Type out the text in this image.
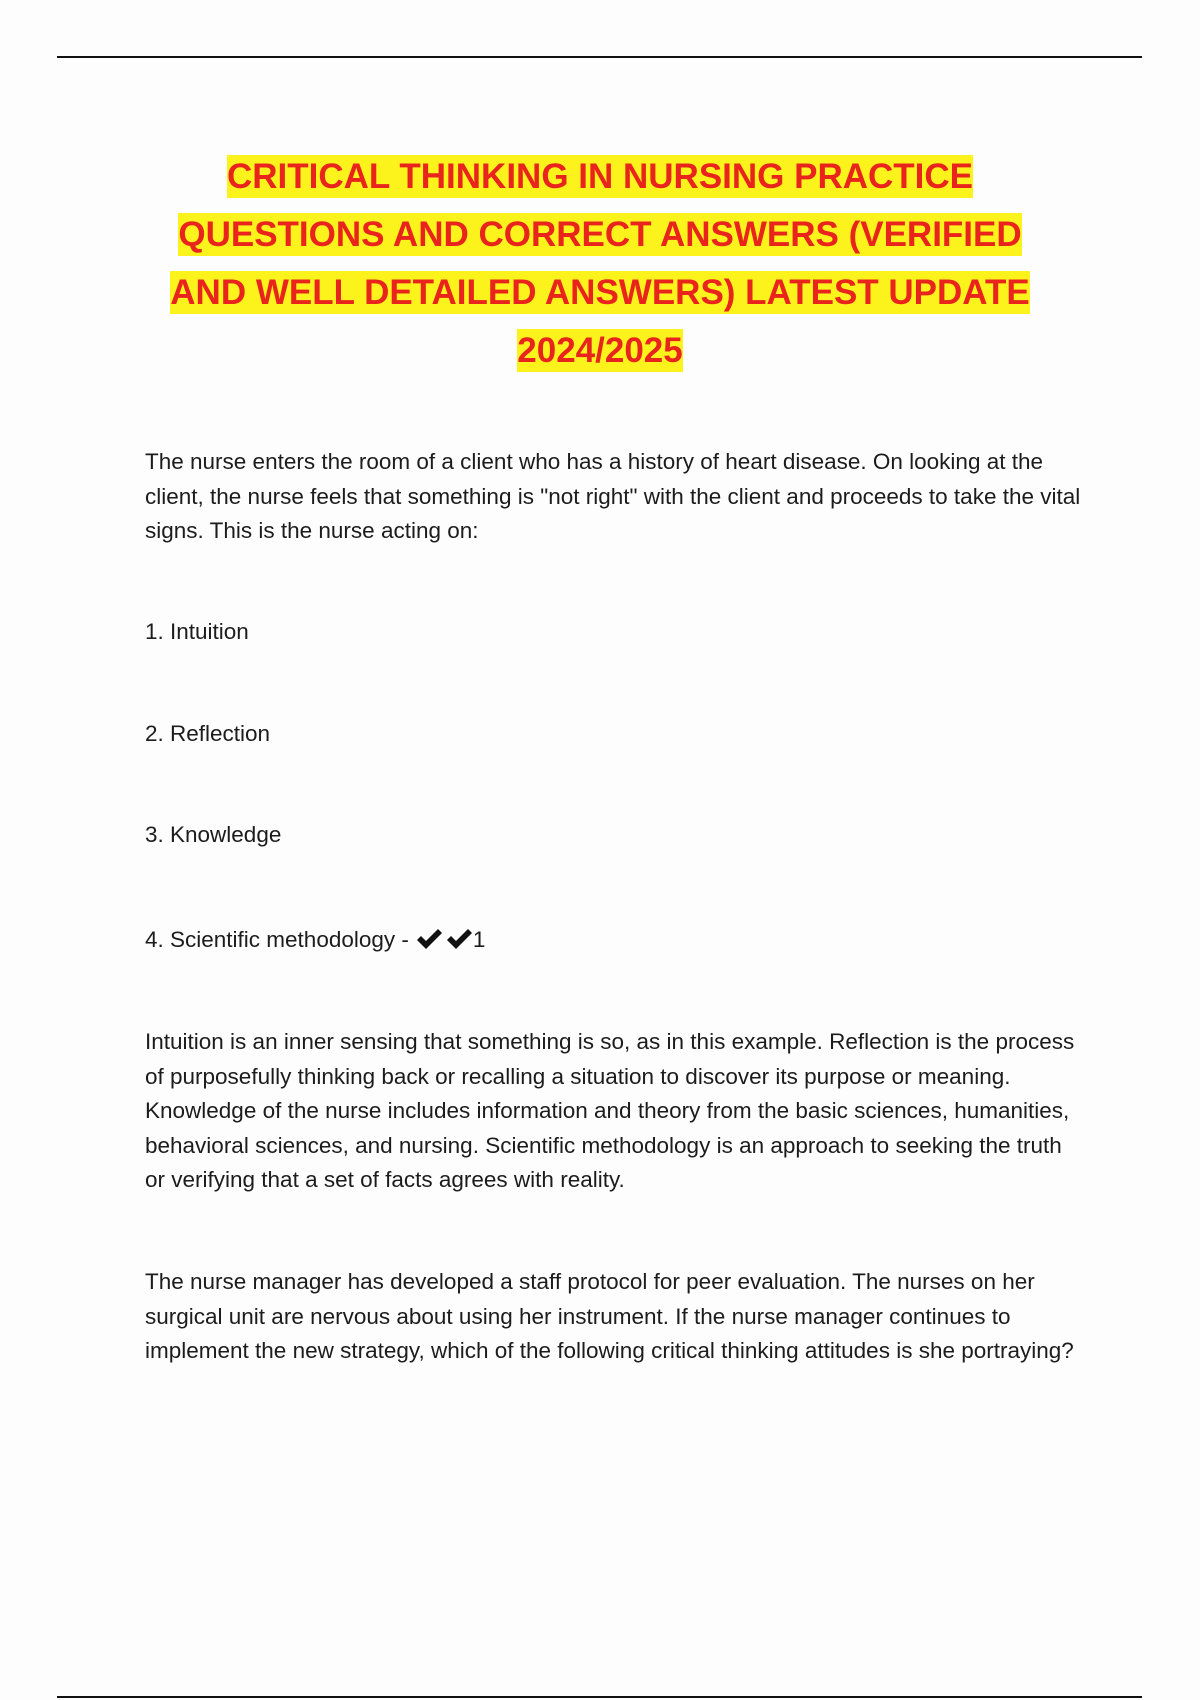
CRITICAL THINKING IN NURSING PRACTICE
QUESTIONS AND CORRECT ANSWERS (VERIFIED
AND WELL DETAILED ANSWERS) LATEST UPDATE
2024/2025

The nurse enters the room of a client who has a history of heart disease. On looking at the client, the nurse feels that something is "not right" with the client and proceeds to take the vital signs. This is the nurse acting on:

1. Intuition

2. Reflection

3. Knowledge

4. Scientific methodology -	1

Intuition is an inner sensing that something is so, as in this example. Reflection is the process of purposefully thinking back or recalling a situation to discover its purpose or meaning. Knowledge of the nurse includes information and theory from the basic sciences, humanities, behavioral sciences, and nursing. Scientific methodology is an approach to seeking the truth or verifying that a set of facts agrees with reality.

The nurse manager has developed a staff protocol for peer evaluation. The nurses on her surgical unit are nervous about using her instrument. If the nurse manager continues to implement the new strategy, which of the following critical thinking attitudes is she portraying?
